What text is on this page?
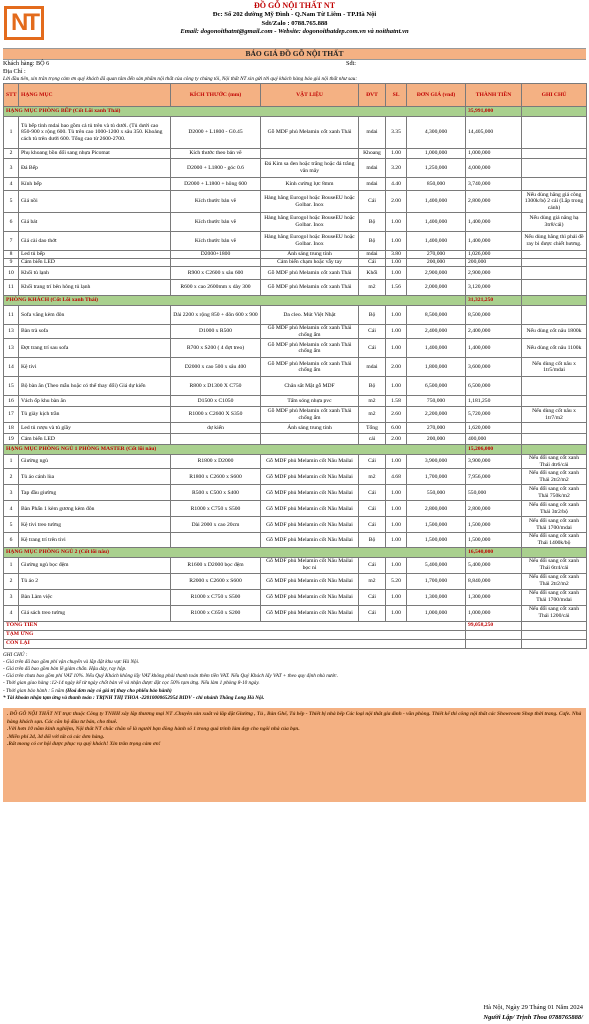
NT
ĐỒ GỖ NỘI THẤT NT
Đc: Số 202 đường Mỹ Đình - Q.Nam Từ Liêm - TP.Hà Nội
Sdt/Zalo : 0788.765.888
Email: dogonoithatnt@gmail.com - Website: dogonoithatdep.com.vn và noithatnt.vn
BÁO GIÁ ĐỒ GỖ NỘI THẤT
Khách hàng: BỘ 6	Sđt:
Địa Chỉ :
Lời đầu tiên, xin trân trọng cảm ơn quý khách đã quan tâm đến sản phẩm nội thất của công ty chúng tôi, Nội thất NT xin gửi tới quý khách hàng báo giá nội thất như sau:
STT	HẠNG MỤC	KÍCH THƯỚC (mm)	VẬT LIỆU	ĐVT	SL	ĐƠN GIÁ (vnđ)	THÀNH TIỀN	GHI CHÚ
HẠNG MỤC PHÒNG BẾP (Cốt Lõi xanh Thái)							35,991,000	
1	Tủ bếp tỉnh mdai bao gồm cả tủ trên và tủ dưới. (Tủ dưới cao 850-900 x rộng 600. Tủ trên cao 1000-1200 x sâu 350. Khoảng cách tủ trên dưới 600. Tổng cao từ 2600-2700.	D2000 + L1800 - G0.45	Gỗ MDF phủ Melamin cốt xanh Thái	mdai	3.35	4,300,000	14,405,000	
2	Phụ khoang bồn đối sang nhựa Picomat	Kích thước theo bản vẽ		Khoang	1.00	1,000,000	1,000,000	
3	Đá Bếp	D2000 + L1800 - góc 0.6	Đá Kim sa đen hoặc trắng hoặc đá trắng vân mây	mdai	3.20	1,250,000	4,000,000	
4	Kính bếp	D2000 + L1800 + hông 600	Kính cường lực 8mm	mdai	4.40	850,000	3,740,000	
5	Giá nồi	Kích thước bản vẽ	Hàng hãng Eurogol hoặc BouseEU hoặc Golbar. Inox	Cái	2.00	1,400,000	2,800,000	Nếu dùng hãng giá công 1300k/bộ 2 cái (Lắp trong cánh)
6	Giá bát	Kích thước bản vẽ	Hàng hãng Eurogol hoặc BouseEU hoặc Golbar. Inox	Bộ	1.00	1,400,000	1,400,000	Nếu dùng giá nâng hạ 3tr8/cái)
7	Giá cài dao thớt	Kích thước bản vẽ	Hàng hãng Eurogol hoặc BouseEU hoặc Golbar. Inox	Bộ	1.00	1,400,000	1,400,000	Nếu dùng hãng thì phải đề ray bi được chiết hương.
8	Led tủ bếp	D2000+1800	Ánh sáng trung tính	mdai	3.80	270,000	1,026,000	
9	Cảm biến LED		Cảm biến chạm hoặc vẫy tay	Cái	1.00	200,000	200,000	
10	Khối tủ lạnh	R900 x C2600 x sâu 600	Gỗ MDF phủ Melamin cốt xanh Thái	Khối	1.00	2,900,000	2,900,000	
11	Khối trang trí bên hông tủ lạnh	R600 x cao 2600mm x dày 300	Gỗ MDF phủ Melamin cốt xanh Thái	m2	1.56	2,000,000	3,120,000	
PHÒNG KHÁCH (Cốt Lõi xanh Thái)							31,321,250	
11	Sofa văng kèm đôn	Dài 2200 x rộng 850 + đôn 600 x 900	Da cleo. Mút Việt Nhật	Bộ	1.00	8,500,000	8,500,000	
13	Bàn trà sofa	D1000 x R500	Gỗ MDF phủ Melamin cốt xanh Thái chống ẩm	Cái	1.00	2,400,000	2,400,000	Nếu dùng cốt nâu 1800k
13	Đợt trang trí sau sofa	R700 x S200 ( 4 đợt treo)	Gỗ MDF phủ Melamin cốt xanh Thái chống ẩm	Cái	1.00	1,400,000	1,400,000	Nếu dùng cốt nâu 1100k
14	Kệ tivi	D2000 x cao 500 x sâu 400	Gỗ MDF phủ Melamin cốt xanh Thái chống ẩm	mdai	2.00	1,800,000	3,600,000	Nếu dùng cốt nâu x 1tr5/mdai
15	Bộ bàn ăn (Theo mẫu hoặc có thể thay đổi) Giá dự kiến	R800 x D1300 X C750	Chân sắt Mặt gỗ MDF	Bộ	1.00	6,500,000	6,500,000	
16	Vách ốp khu bàn ăn	D1500 x C1050	Tấm sóng nhựa pvc	m2	1.58	750,000	1,181,250	
17	Tủ giày kịch trần	R1000 x C2600 X S350	Gỗ MDF phủ Melamin cốt xanh Thái chống ẩm	m2	2.60	2,200,000	5,720,000	Nếu dùng cốt nâu x 1tr7/m2
18	Led tủ rượu và tủ giầy	dự kiến	Ánh sáng trung tính	Tổng	6.00	270,000	1,620,000	
19	Cảm biến LED			cái	2.00	200,000	400,000	
HẠNG MỤC PHÒNG NGỦ 1 PHÒNG MASTER (Cốt lõi nâu)							15,206,000	
1	Giường ngủ	R1800 x D2000	Gỗ MDF phủ Melamin cốt Nâu Mailai	Cái	1.00	3,900,000	3,900,000	Nếu đổi sang cốt xanh Thái 4tr6/cái
2	Tủ áo cánh lùa	R1800 x C2600 x S600	Gỗ MDF phủ Melamin cốt Nâu Mailai	m2	4.68	1,700,000	7,956,000	Nếu đổi sang cốt xanh Thái 2tr2/m2
3	Tap đầu giường	R500 x C500 x S400	Gỗ MDF phủ Melamin cốt Nâu Mailai	Cái	1.00	550,000	550,000	Nếu đổi sang cốt xanh Thái 750k/m2
4	Bàn Phấn 1 kèm gương kèm đôn	R1000 x C750 x S500	Gỗ MDF phủ Melamin cốt Nâu Mailai	Cái	1.00	2,800,000	2,800,000	Nếu đổi sang cốt xanh Thái 3tr2/bộ
5	Kệ tivi treo tường	Dài 2000 x cao 20cm	Gỗ MDF phủ Melamin cốt Nâu Mailai	Cái	1.00	1,500,000	1,500,000	Nếu đổi sang cốt xanh Thái 1700/mdai
6	Kệ trang trí trên tivi		Gỗ MDF phủ Melamin cốt Nâu Mailai	Bộ	1.00	1,500,000	1,500,000	Nếu đổi sang cốt xanh Thái 1400k/bộ
HẠNG MỤC PHÒNG NGỦ 2 (Cốt lõi nâu)							16,540,000	
1	Giường ngủ bọc đệm	R1600 x D2000 bọc đệm	Gỗ MDF phủ Melamin cốt Nâu Mailai bọc ni	Cái	1.00	5,400,000	5,400,000	Nếu đổi sang cốt xanh Thái 6tr4/cái
2	Tủ áo 2	R2000 x C2600 x S600	Gỗ MDF phủ Melamin cốt Nâu Mailai	m2	5.20	1,700,000	8,840,000	Nếu đổi sang cốt xanh Thái 2tr2/m2
3	Bàn Làm việc	R1000 x C750 x S500	Gỗ MDF phủ Melamin cốt Nâu Mailai	Cái	1.00	1,300,000	1,300,000	Nếu đổi sang cốt xanh Thái 1700/mdai
4	Giá sách treo tường	R1000 x C650 x S200	Gỗ MDF phủ Melamin cốt Nâu Mailai	Cái	1.00	1,000,000	1,000,000	Nếu đổi sang cốt xanh Thái 1200/cái
TỔNG TIỀN							99,058,250	
TẠM ỨNG								
CÒN LẠI								
GHI CHÚ :
- Giá trên đã bao gồm phí vận chuyển và lắp đặt khu vực Hà Nội.
- Giá trên đã bao gồm bản lề giảm chấn. Hậu dày, ray hộp.
- Giá trên chưa bao gồm phí VAT 10%. Nếu Quý Khách không lấy VAT không phải thanh toán thêm tiền VAT. Nếu Quý Khách lấy VAT + theo quy định nhà nước.
- Thời gian giao hàng :12-14 ngày kể từ ngày chốt bản vẽ và nhận được đặt cọc 50% tạm ứng. Nếu làm 1 phòng 8-10 ngày.
- Thời gian bảo hành : 5 năm (Hoá đơn này có giá trị thay cho phiếu bảo hành)
* Tài khoản nhận tạm ứng và thanh toán : TRỊNH THỊ THOA -22010000652954 BIDV - chi nhánh Thăng Long Hà Nội.
. ĐỒ GỖ NỘI THẤT NT trực thuộc Công ty TNHH xây lắp thương mại NT .Chuyên sản xuất và lắp đặt Giường , Tủ , Bàn Ghế, Tủ bếp - Thiết bị nhà bếp Các loại nội thất gia đình - văn phòng. Thiết kế thi công nội thất các Showroom Shop thời trang. Cafe. Nhà hàng khách sạn. Các căn hộ đầu tư bán, cho thuê.
.Với hơn 10 năm kinh nghiệm, Nội thất NT chắc chắn sẽ là người bạn đồng hành số 1 trong quá trình làm đẹp cho ngôi nhà của bạn.
.Miễn phí 2d, 3d đối với tất cả các đơn hàng.
.Rất mong có cơ hội được phục vụ quý khách! Xin trân trọng cảm ơn!
Hà Nội, Ngày 29 Tháng 01 Năm 2024
Người Lập/ Trịnh Thoa 0788765888/
